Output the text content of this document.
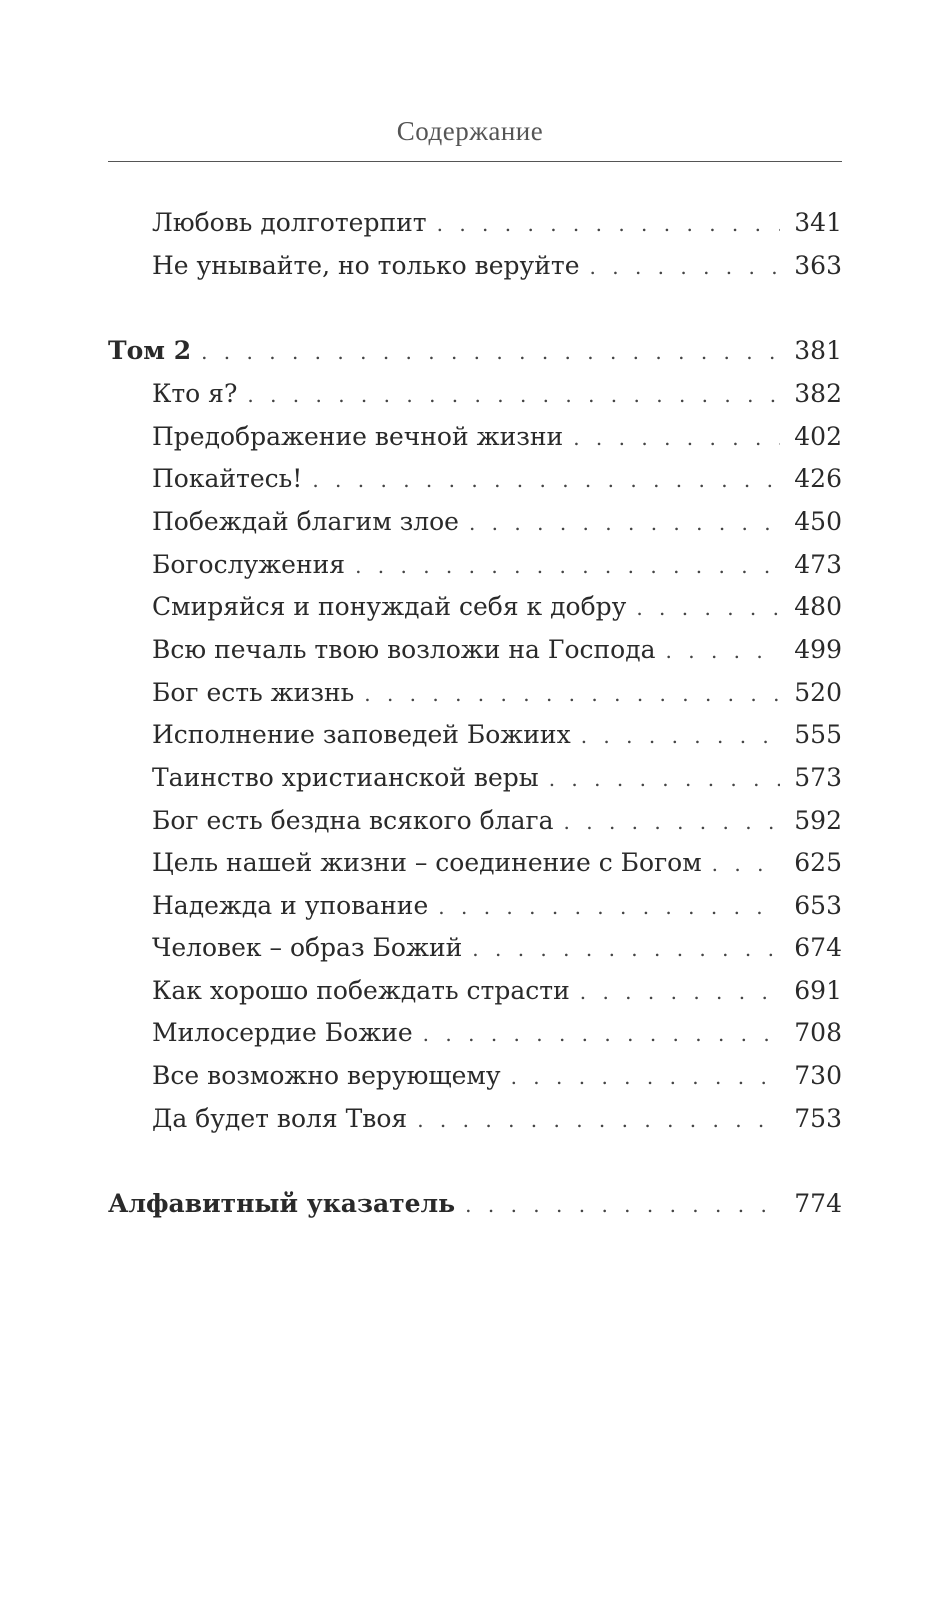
Содержание
Любовь долготерпит . . .	341
Не унывайте, но только веруйте . . .	363
Том 2 . . .	381
Кто я? . . .	382
Предображение вечной жизни . . .	402
Покайтесь! . . .	426
Побеждай благим злое . . .	450
Богослужения . . .	473
Смиряйся и понуждай себя к добру . . .	480
Всю печаль твою возложи на Господа . . .	499
Бог есть жизнь . . .	520
Исполнение заповедей Божиих . . .	555
Таинство христианской веры . . .	573
Бог есть бездна всякого блага . . .	592
Цель нашей жизни – соединение с Богом . . .	625
Надежда и упование . . .	653
Человек – образ Божий . . .	674
Как хорошо побеждать страсти . . .	691
Милосердие Божие . . .	708
Все возможно верующему . . .	730
Да будет воля Твоя . . .	753
Алфавитный указатель . . .	774
